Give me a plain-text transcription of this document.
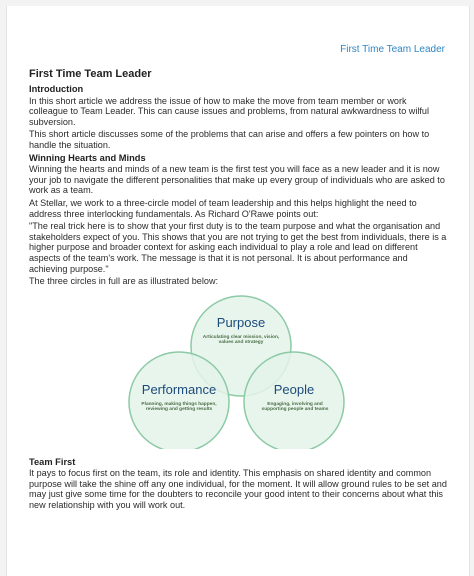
First Time Team Leader
First Time Team Leader
Introduction
In this short article we address the issue of how to make the move from team member or work colleague to Team Leader. This can cause issues and problems, from natural awkwardness to wilful subversion.
This short article discusses some of the problems that can arise and offers a few pointers on how to handle the situation.
Winning Hearts and Minds
Winning the hearts and minds of a new team is the first test you will face as a new leader and it is now your job to navigate the different personalities that make up every group of individuals who are asked to work as a team.
At Stellar, we work to a three-circle model of team leadership and this helps highlight the need to address three interlocking fundamentals. As Richard O'Rawe points out:
"The real trick here is to show that your first duty is to the team purpose and what the organisation and stakeholders expect of you. This shows that you are not trying to get the best from individuals, there is a higher purpose and broader context for asking each individual to play a role and lead on different aspects of the team's work. The message is that it is not personal. It is about performance and achieving purpose."
The three circles in full are as illustrated below:
Purpose
Articulating clear mission, vision, values and strategy
Performance
Planning, making things happen, reviewing and getting results
People
Engaging, involving and supporting people and teams
Team First
It pays to focus first on the team, its role and identity. This emphasis on shared identity and common purpose will take the shine off any one individual, for the moment. It will allow ground rules to be set and may just give some time for the doubters to reconcile your good intent to their concerns about what this new relationship with you will work out.
